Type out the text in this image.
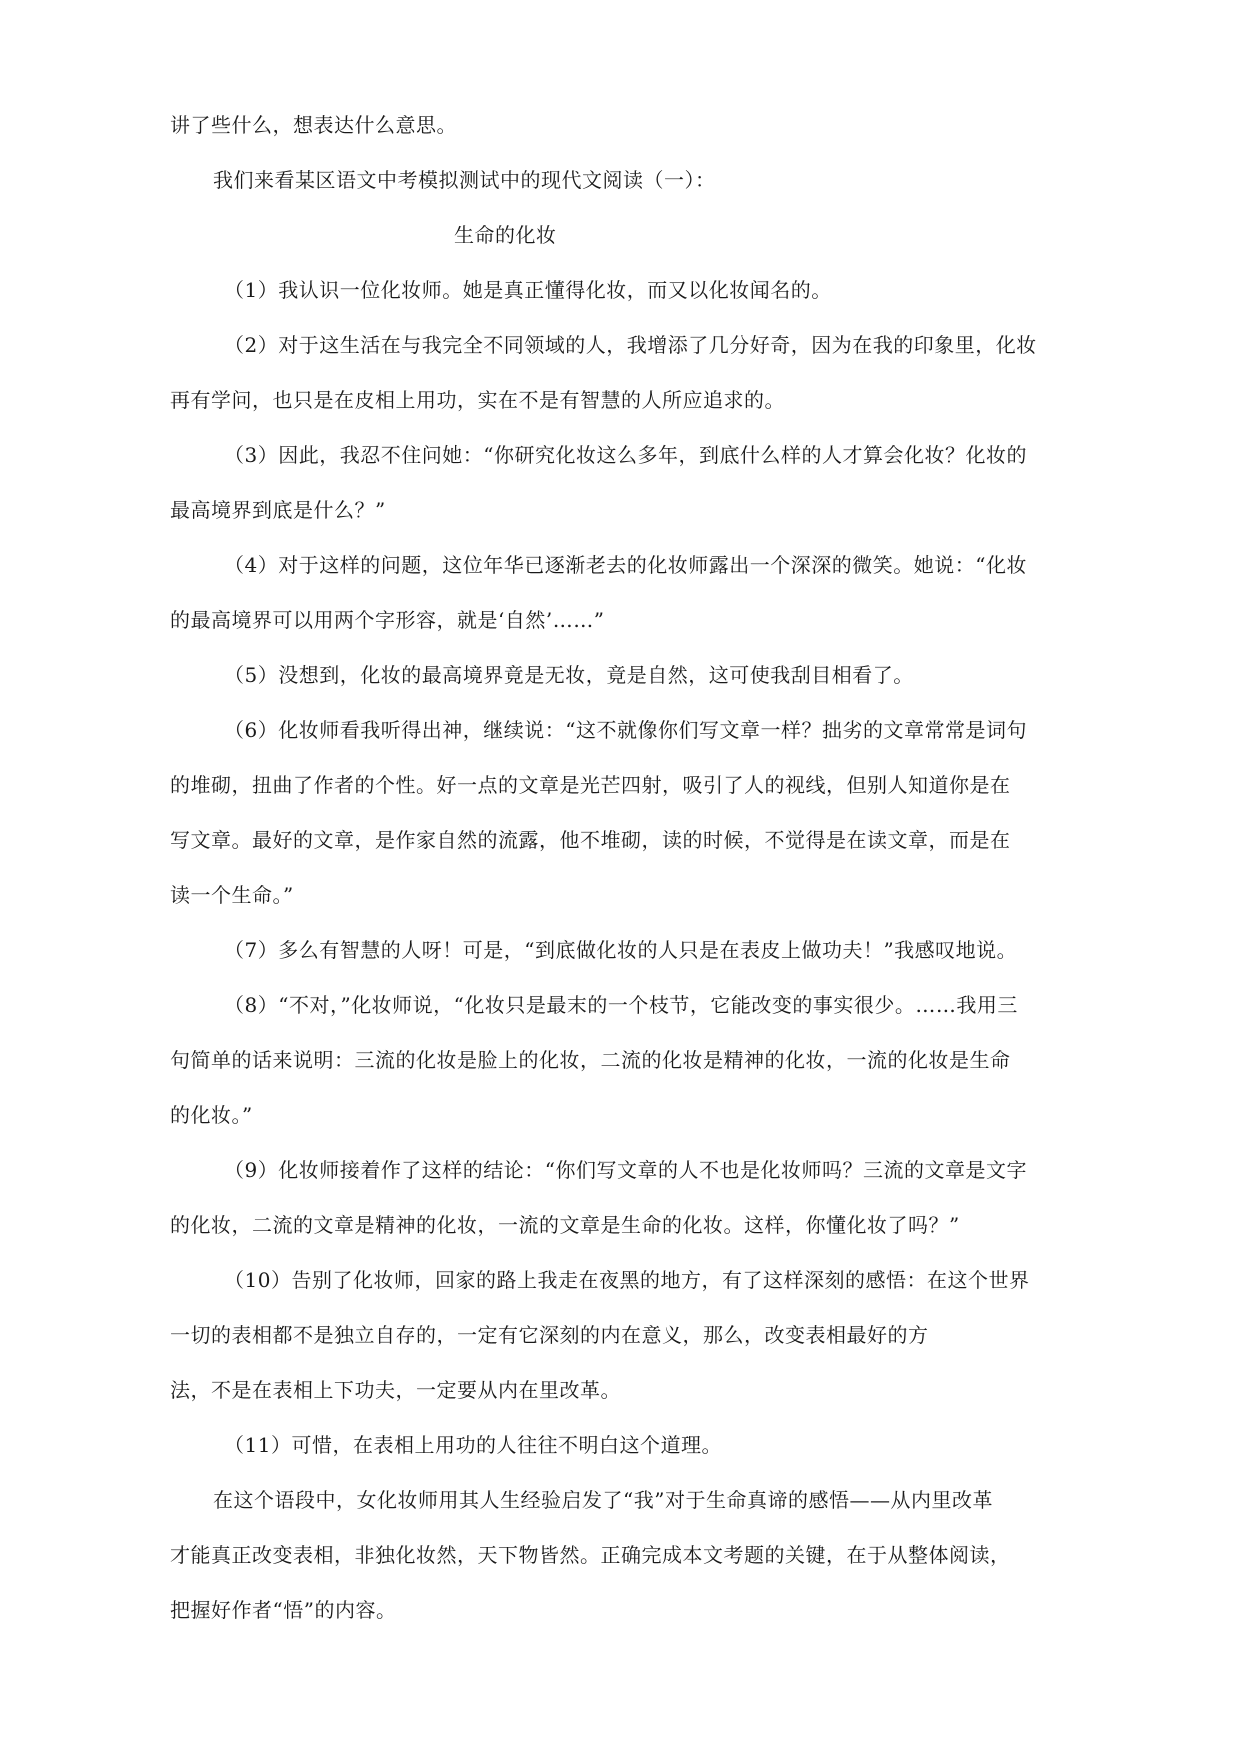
讲了些什么，想表达什么意思。
我们来看某区语文中考模拟测试中的现代文阅读（一）：
生命的化妆
（1）我认识一位化妆师。她是真正懂得化妆，而又以化妆闻名的。
（2）对于这生活在与我完全不同领域的人，我增添了几分好奇，因为在我的印象里，化妆
再有学问，也只是在皮相上用功，实在不是有智慧的人所应追求的。
（3）因此，我忍不住问她：“你研究化妆这么多年，到底什么样的人才算会化妆？化妆的
最高境界到底是什么？”
（4）对于这样的问题，这位年华已逐渐老去的化妆师露出一个深深的微笑。她说：“化妆
的最高境界可以用两个字形容，就是‘自然’……”
（5）没想到，化妆的最高境界竟是无妆，竟是自然，这可使我刮目相看了。
（6）化妆师看我听得出神，继续说：“这不就像你们写文章一样？拙劣的文章常常是词句
的堆砌，扭曲了作者的个性。好一点的文章是光芒四射，吸引了人的视线，但别人知道你是在
写文章。最好的文章，是作家自然的流露，他不堆砌，读的时候，不觉得是在读文章，而是在
读一个生命。”
（7）多么有智慧的人呀！可是，“到底做化妆的人只是在表皮上做功夫！”我感叹地说。
（8）“不对，”化妆师说，“化妆只是最末的一个枝节，它能改变的事实很少。……我用三
句简单的话来说明：三流的化妆是脸上的化妆，二流的化妆是精神的化妆，一流的化妆是生命
的化妆。”
（9）化妆师接着作了这样的结论：“你们写文章的人不也是化妆师吗？三流的文章是文字
的化妆，二流的文章是精神的化妆，一流的文章是生命的化妆。这样，你懂化妆了吗？”
（10）告别了化妆师，回家的路上我走在夜黑的地方，有了这样深刻的感悟：在这个世界
一切的表相都不是独立自存的，一定有它深刻的内在意义，那么，改变表相最好的方
法，不是在表相上下功夫，一定要从内在里改革。
（11）可惜，在表相上用功的人往往不明白这个道理。
在这个语段中，女化妆师用其人生经验启发了“我”对于生命真谛的感悟——从内里改革
才能真正改变表相，非独化妆然，天下物皆然。正确完成本文考题的关键，在于从整体阅读，
把握好作者“悟”的内容。
